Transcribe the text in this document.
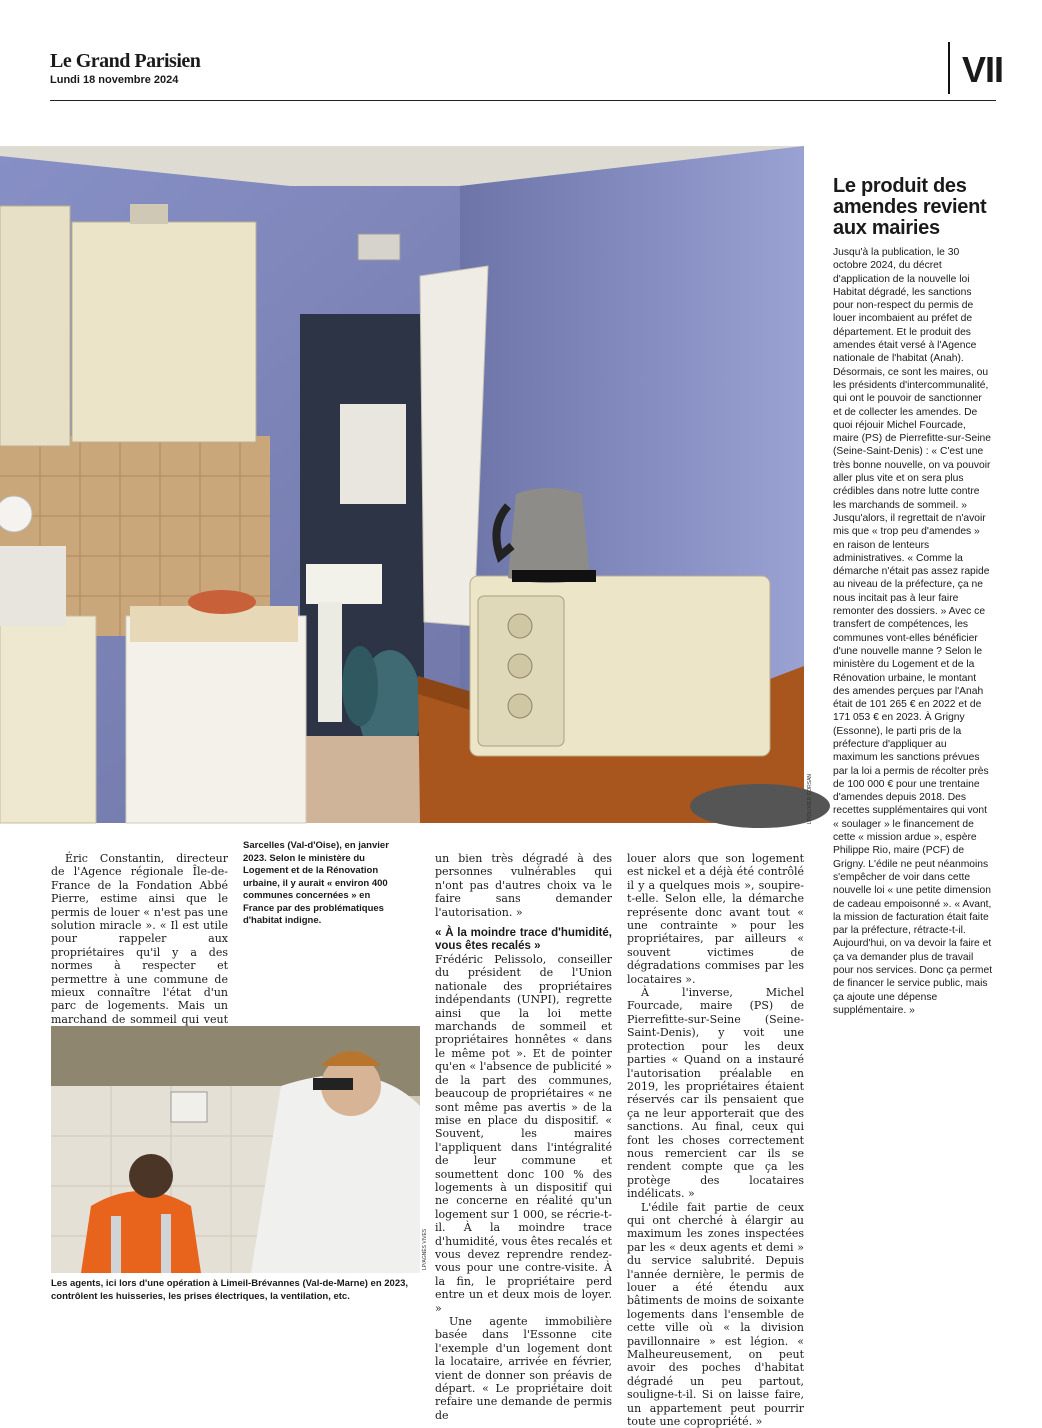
Le Grand Parisien
Lundi 18 novembre 2024	VII
LP/OLIVIER CORSAN
Le produit des amendes revient aux mairies
Jusqu'à la publication, le 30 octobre 2024, du décret d'application de la nouvelle loi Habitat dégradé, les sanctions pour non-respect du permis de louer incombaient au préfet de département. Et le produit des amendes était versé à l'Agence nationale de l'habitat (Anah). Désormais, ce sont les maires, ou les présidents d'intercommunalité, qui ont le pouvoir de sanctionner et de collecter les amendes. De quoi réjouir Michel Fourcade, maire (PS) de Pierrefitte-sur-Seine (Seine-Saint-Denis) : « C'est une très bonne nouvelle, on va pouvoir aller plus vite et on sera plus crédibles dans notre lutte contre les marchands de sommeil. » Jusqu'alors, il regrettait de n'avoir mis que « trop peu d'amendes » en raison de lenteurs administratives. « Comme la démarche n'était pas assez rapide au niveau de la préfecture, ça ne nous incitait pas à leur faire remonter des dossiers. » Avec ce transfert de compétences, les communes vont-elles bénéficier d'une nouvelle manne ? Selon le ministère du Logement et de la Rénovation urbaine, le montant des amendes perçues par l'Anah était de 101 265 € en 2022 et de 171 053 € en 2023. À Grigny (Essonne), le parti pris de la préfecture d'appliquer au maximum les sanctions prévues par la loi a permis de récolter près de 100 000 € pour une trentaine d'amendes depuis 2018. Des recettes supplémentaires qui vont « soulager » le financement de cette « mission ardue », espère Philippe Rio, maire (PCF) de Grigny. L'édile ne peut néanmoins s'empêcher de voir dans cette nouvelle loi « une petite dimension de cadeau empoisonné ». « Avant, la mission de facturation était faite par la préfecture, rétracte-t-il. Aujourd'hui, on va devoir la faire et ça va demander plus de travail pour nos services. Donc ça permet de financer le service public, mais ça ajoute une dépense supplémentaire. »

Éric Constantin, directeur de l'Agence régionale Île-de-France de la Fondation Abbé Pierre, estime ainsi que le permis de louer « n'est pas une solution miracle ». « Il est utile pour rappeler aux propriétaires qu'il y a des normes à respecter et permettre à une commune de mieux connaître l'état d'un parc de logements. Mais un marchand de sommeil qui veut

Sarcelles (Val-d'Oise), en janvier 2023. Selon le ministère du Logement et de la Rénovation urbaine, il y aurait « environ 400 communes concernées » en France par des problématiques d'habitat indigne.

un bien très dégradé à des personnes vulnérables qui n'ont pas d'autres choix va le faire sans demander l'autorisation. »

« À la moindre trace d'humidité, vous êtes recalés »

Frédéric Pelissolo, conseiller du président de l'Union nationale des propriétaires indépendants (UNPI), regrette ainsi que la loi mette marchands de sommeil et propriétaires honnêtes « dans le même pot ». Et de pointer qu'en « l'absence de publicité » de la part des communes, beaucoup de propriétaires « ne sont même pas avertis » de la mise en place du dispositif. « Souvent, les maires l'appliquent dans l'intégralité de leur commune et soumettent donc 100 % des logements à un dispositif qui ne concerne en réalité qu'un logement sur 1 000, se récrie-t-il. À la moindre trace d'humidité, vous êtes recalés et vous devez reprendre rendez-vous pour une contre-visite. À la fin, le propriétaire perd entre un et deux mois de loyer. »

Une agente immobilière basée dans l'Essonne cite l'exemple d'un logement dont la locataire, arrivée en février, vient de donner son préavis de départ. « Le propriétaire doit refaire une demande de permis de

louer alors que son logement est nickel et a déjà été contrôlé il y a quelques mois », soupire-t-elle. Selon elle, la démarche représente donc avant tout « une contrainte » pour les propriétaires, par ailleurs « souvent victimes de dégradations commises par les locataires ».

À l'inverse, Michel Fourcade, maire (PS) de Pierrefitte-sur-Seine (Seine-Saint-Denis), y voit une protection pour les deux parties « Quand on a instauré l'autorisation préalable en 2019, les propriétaires étaient réservés car ils pensaient que ça ne leur apporterait que des sanctions. Au final, ceux qui font les choses correctement nous remercient car ils se rendent compte que ça les protège des locataires indélicats. »

L'édile fait partie de ceux qui ont cherché à élargir au maximum les zones inspectées par les « deux agents et demi » du service salubrité. Depuis l'année dernière, le permis de louer a été étendu aux bâtiments de moins de soixante logements dans l'ensemble de cette ville où « la division pavillonnaire » est légion. « Malheureusement, on peut avoir des poches d'habitat dégradé un peu partout, souligne-t-il. Si on laisse faire, un appartement peut pourrir toute une copropriété. »

LP/AGNÈS VIVES
Les agents, ici lors d'une opération à Limeil-Brévannes (Val-de-Marne) en 2023, contrôlent les huisseries, les prises électriques, la ventilation, etc.
